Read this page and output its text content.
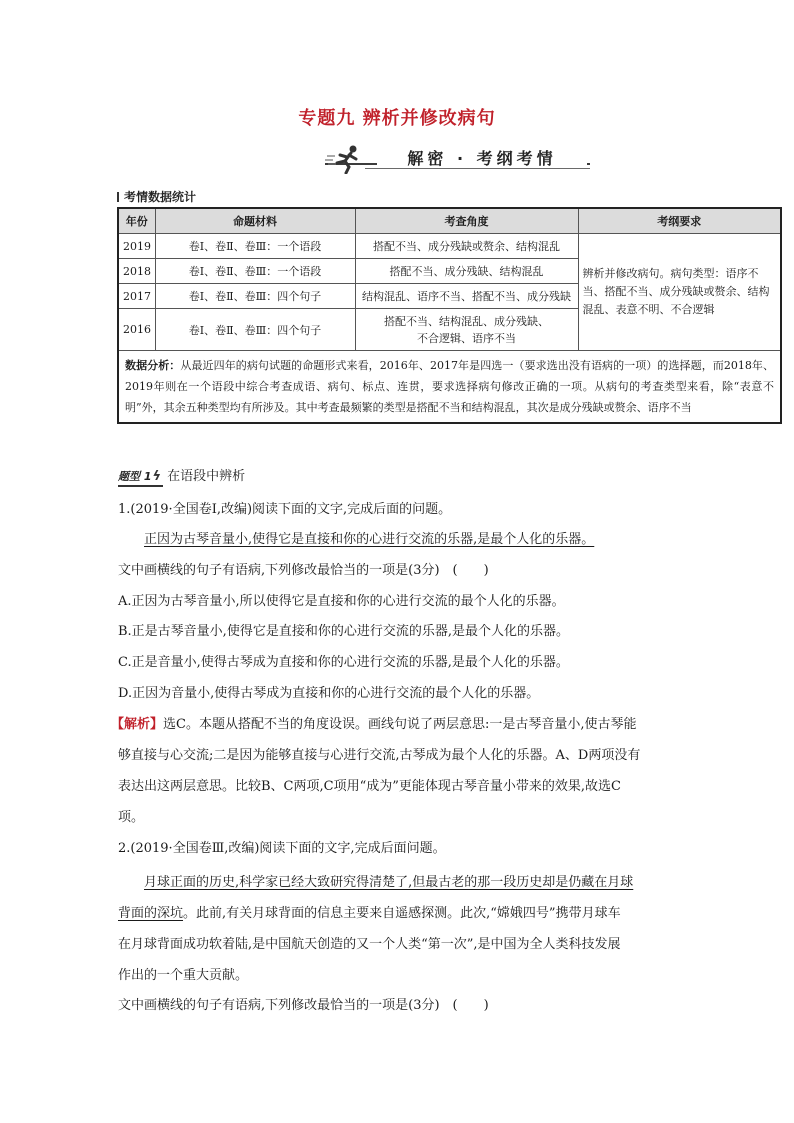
专题九 辨析并修改病句
解密 · 考纲考情
考情数据统计
年份	命题材料	考查角度	考纲要求
2019	卷Ⅰ、卷Ⅱ、卷Ⅲ：一个语段	搭配不当、成分残缺或赘余、结构混乱	辨析并修改病句。病句类型：语序不当、搭配不当、成分残缺或赘余、结构混乱、表意不明、不合逻辑
2018	卷Ⅰ、卷Ⅱ、卷Ⅲ：一个语段	搭配不当、成分残缺、结构混乱	
2017	卷Ⅰ、卷Ⅱ、卷Ⅲ：四个句子	结构混乱、语序不当、搭配不当、成分残缺	
2016	卷Ⅰ、卷Ⅱ、卷Ⅲ：四个句子	搭配不当、结构混乱、成分残缺、
不合逻辑、语序不当	
数据分析：从最近四年的病句试题的命题形式来看，2016年、2017年是四选一（要求选出没有语病的一项）的选择题，而2018年、2019年则在一个语段中综合考查成语、病句、标点、连贯，要求选择病句修改正确的一项。从病句的考查类型来看，除“表意不明”外，其余五种类型均有所涉及。其中考查最频繁的类型是搭配不当和结构混乱，其次是成分残缺或赘余、语序不当			
题型 1ϟ 在语段中辨析
1.(2019·全国卷Ⅰ,改编)阅读下面的文字,完成后面的问题。
正因为古琴音量小,使得它是直接和你的心进行交流的乐器,是最个人化的乐器。
文中画横线的句子有语病,下列修改最恰当的一项是(3分)　(　　)
A.正因为古琴音量小,所以使得它是直接和你的心进行交流的最个人化的乐器。
B.正是古琴音量小,使得它是直接和你的心进行交流的乐器,是最个人化的乐器。
C.正是音量小,使得古琴成为直接和你的心进行交流的乐器,是最个人化的乐器。
D.正因为音量小,使得古琴成为直接和你的心进行交流的最个人化的乐器。
【解析】选C。本题从搭配不当的角度设误。画线句说了两层意思:一是古琴音量小,使古琴能
够直接与心交流;二是因为能够直接与心进行交流,古琴成为最个人化的乐器。A、D两项没有
表达出这两层意思。比较B、C两项,C项用“成为”更能体现古琴音量小带来的效果,故选C
项。
2.(2019·全国卷Ⅲ,改编)阅读下面的文字,完成后面问题。
月球正面的历史,科学家已经大致研究得清楚了,但最古老的那一段历史却是仍藏在月球
背面的深坑。此前,有关月球背面的信息主要来自遥感探测。此次,“嫦娥四号”携带月球车
在月球背面成功软着陆,是中国航天创造的又一个人类“第一次”,是中国为全人类科技发展
作出的一个重大贡献。
文中画横线的句子有语病,下列修改最恰当的一项是(3分)　(　　)
